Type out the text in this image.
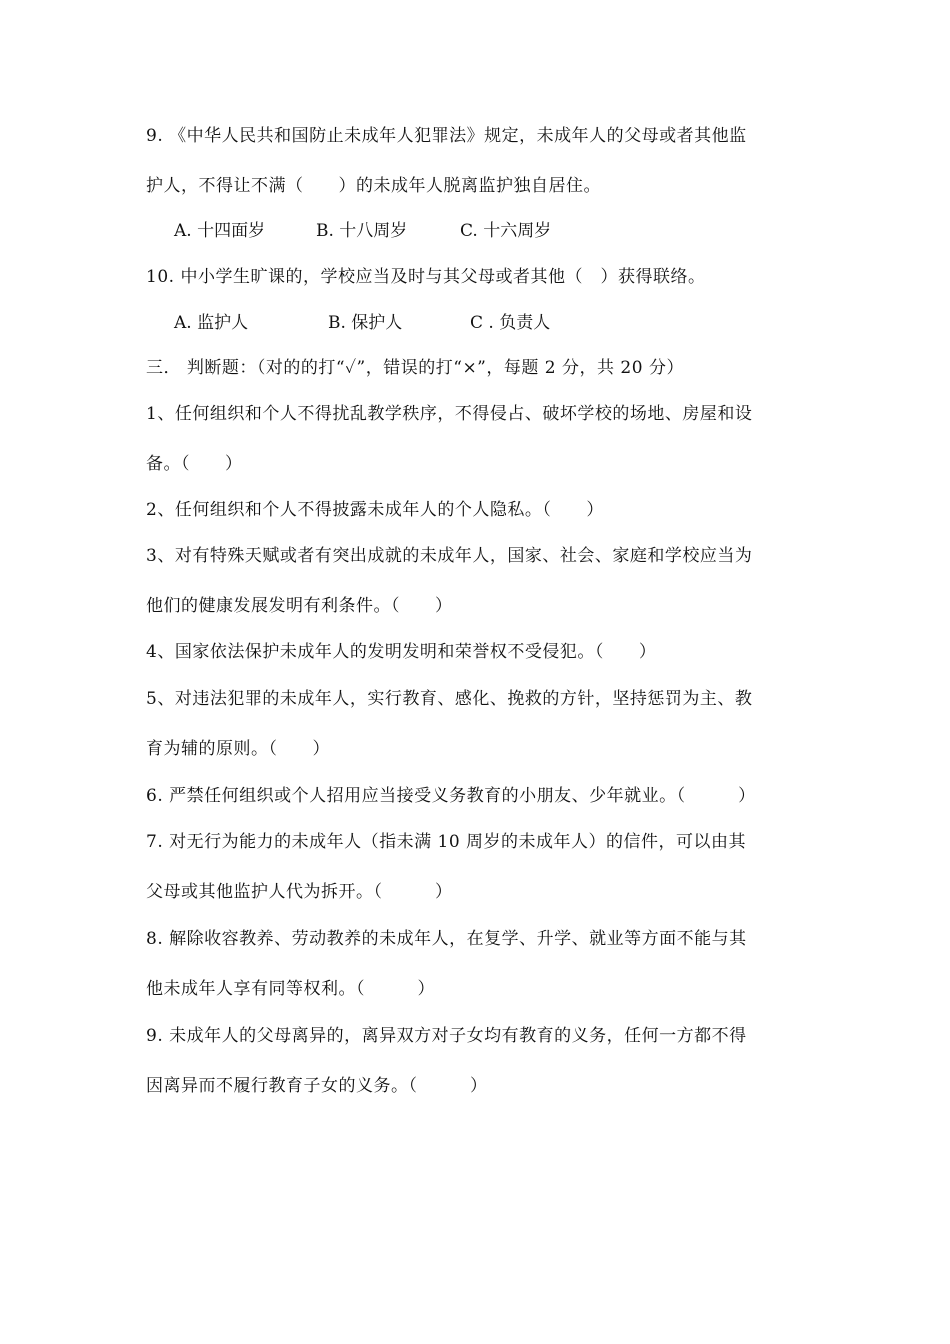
9. 《中华人民共和国防止未成年人犯罪法》规定，未成年人的父母或者其他监
护人，不得让不满（　　）的未成年人脱离监护独自居住。
A. 十四面岁	B. 十八周岁	C. 十六周岁
10. 中小学生旷课的，学校应当及时与其父母或者其他（　）获得联络。
A. 监护人	B. 保护人	C . 负责人
三． 判断题：（对的的打“✓”，错误的打“×”，每题 2 分，共 20 分）
1、任何组织和个人不得扰乱教学秩序，不得侵占、破坏学校的场地、房屋和设
备。（　　）
2、任何组织和个人不得披露未成年人的个人隐私。（　　）
3、对有特殊天赋或者有突出成就的未成年人，国家、社会、家庭和学校应当为
他们的健康发展发明有利条件。（　　）
4、国家依法保护未成年人的发明发明和荣誉权不受侵犯。（　　）
5、对违法犯罪的未成年人，实行教育、感化、挽救的方针，坚持惩罚为主、教
育为辅的原则。（　　）
6. 严禁任何组织或个人招用应当接受义务教育的小朋友、少年就业。（　　　）
7. 对无行为能力的未成年人（指未满 10 周岁的未成年人）的信件，可以由其
父母或其他监护人代为拆开。（　　　）
8. 解除收容教养、劳动教养的未成年人，在复学、升学、就业等方面不能与其
他未成年人享有同等权利。（　　　）
9. 未成年人的父母离异的，离异双方对子女均有教育的义务，任何一方都不得
因离异而不履行教育子女的义务。（　　　）
